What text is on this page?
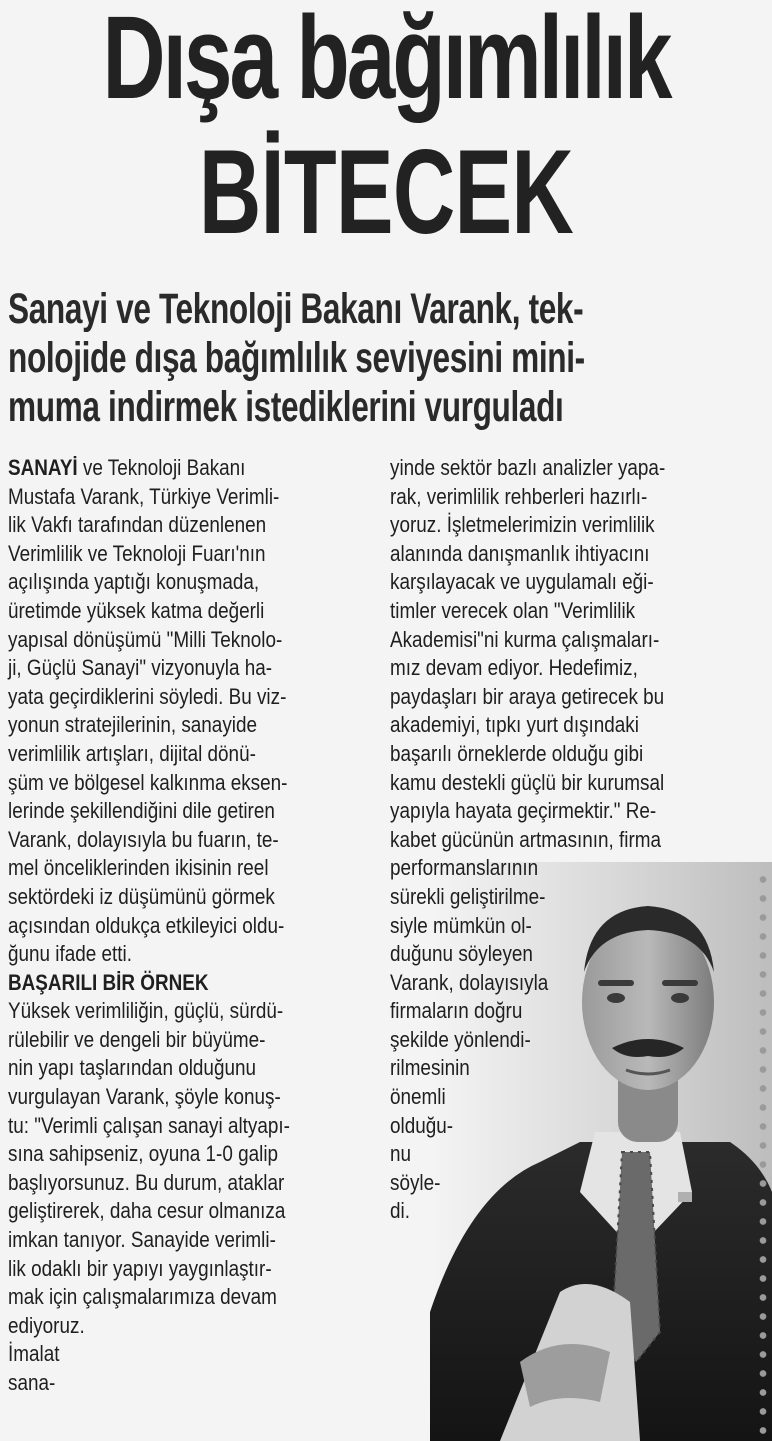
Dışa bağımlılık
BİTECEK
Sanayi ve Teknoloji Bakanı Varank, tek-
nolojide dışa bağımlılık seviyesini mini-
muma indirmek istediklerini vurguladı
SANAYİ ve Teknoloji Bakanı
Mustafa Varank, Türkiye Verimli-
lik Vakfı tarafından düzenlenen
Verimlilik ve Teknoloji Fuarı'nın
açılışında yaptığı konuşmada,
üretimde yüksek katma değerli
yapısal dönüşümü "Milli Teknolo-
ji, Güçlü Sanayi" vizyonuyla ha-
yata geçirdiklerini söyledi. Bu viz-
yonun stratejilerinin, sanayide
verimlilik artışları, dijital dönü-
şüm ve bölgesel kalkınma eksen-
lerinde şekillendiğini dile getiren
Varank, dolayısıyla bu fuarın, te-
mel önceliklerinden ikisinin reel
sektördeki iz düşümünü görmek
açısından oldukça etkileyici oldu-
ğunu ifade etti.
BAŞARILI BİR ÖRNEK
Yüksek verimliliğin, güçlü, sürdü-
rülebilir ve dengeli bir büyüme-
nin yapı taşlarından olduğunu
vurgulayan Varank, şöyle konuş-
tu: "Verimli çalışan sanayi altyapı-
sına sahipseniz, oyuna 1-0 galip
başlıyorsunuz. Bu durum, ataklar
geliştirerek, daha cesur olmanıza
imkan tanıyor. Sanayide verimli-
lik odaklı bir yapıyı yaygınlaştır-
mak için çalışmalarımıza devam
ediyoruz.
İmalat
sana-
yinde sektör bazlı analizler yapa-
rak, verimlilik rehberleri hazırlı-
yoruz. İşletmelerimizin verimlilik
alanında danışmanlık ihtiyacını
karşılayacak ve uygulamalı eği-
timler verecek olan "Verimlilik
Akademisi"ni kurma çalışmaları-
mız devam ediyor. Hedefimiz,
paydaşları bir araya getirecek bu
akademiyi, tıpkı yurt dışındaki
başarılı örneklerde olduğu gibi
kamu destekli güçlü bir kurumsal
yapıyla hayata geçirmektir." Re-
kabet gücünün artmasının, firma
performanslarının
sürekli geliştirilme-
siyle mümkün ol-
duğunu söyleyen
Varank, dolayısıyla
firmaların doğru
şekilde yönlendi-
rilmesinin
önemli
olduğu-
nu
söyle-
di.
